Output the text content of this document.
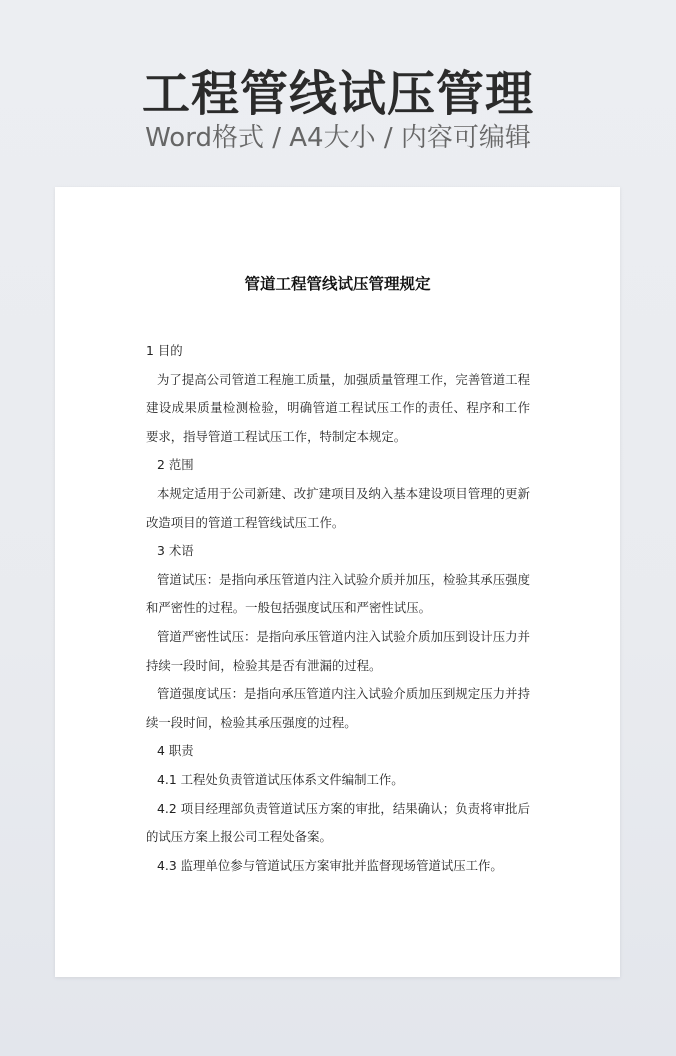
工程管线试压管理
Word格式 / A4大小 / 内容可编辑
管道工程管线试压管理规定

1 目的

为了提高公司管道工程施工质量，加强质量管理工作，完善管道工程建设成果质量检测检验，明确管道工程试压工作的责任、程序和工作要求，指导管道工程试压工作，特制定本规定。

2 范围

本规定适用于公司新建、改扩建项目及纳入基本建设项目管理的更新改造项目的管道工程管线试压工作。

3 术语

管道试压：是指向承压管道内注入试验介质并加压，检验其承压强度和严密性的过程。一般包括强度试压和严密性试压。

管道严密性试压：是指向承压管道内注入试验介质加压到设计压力并持续一段时间，检验其是否有泄漏的过程。

管道强度试压：是指向承压管道内注入试验介质加压到规定压力并持续一段时间，检验其承压强度的过程。

4 职责

4.1 工程处负责管道试压体系文件编制工作。

4.2 项目经理部负责管道试压方案的审批，结果确认；负责将审批后的试压方案上报公司工程处备案。

4.3 监理单位参与管道试压方案审批并监督现场管道试压工作。
